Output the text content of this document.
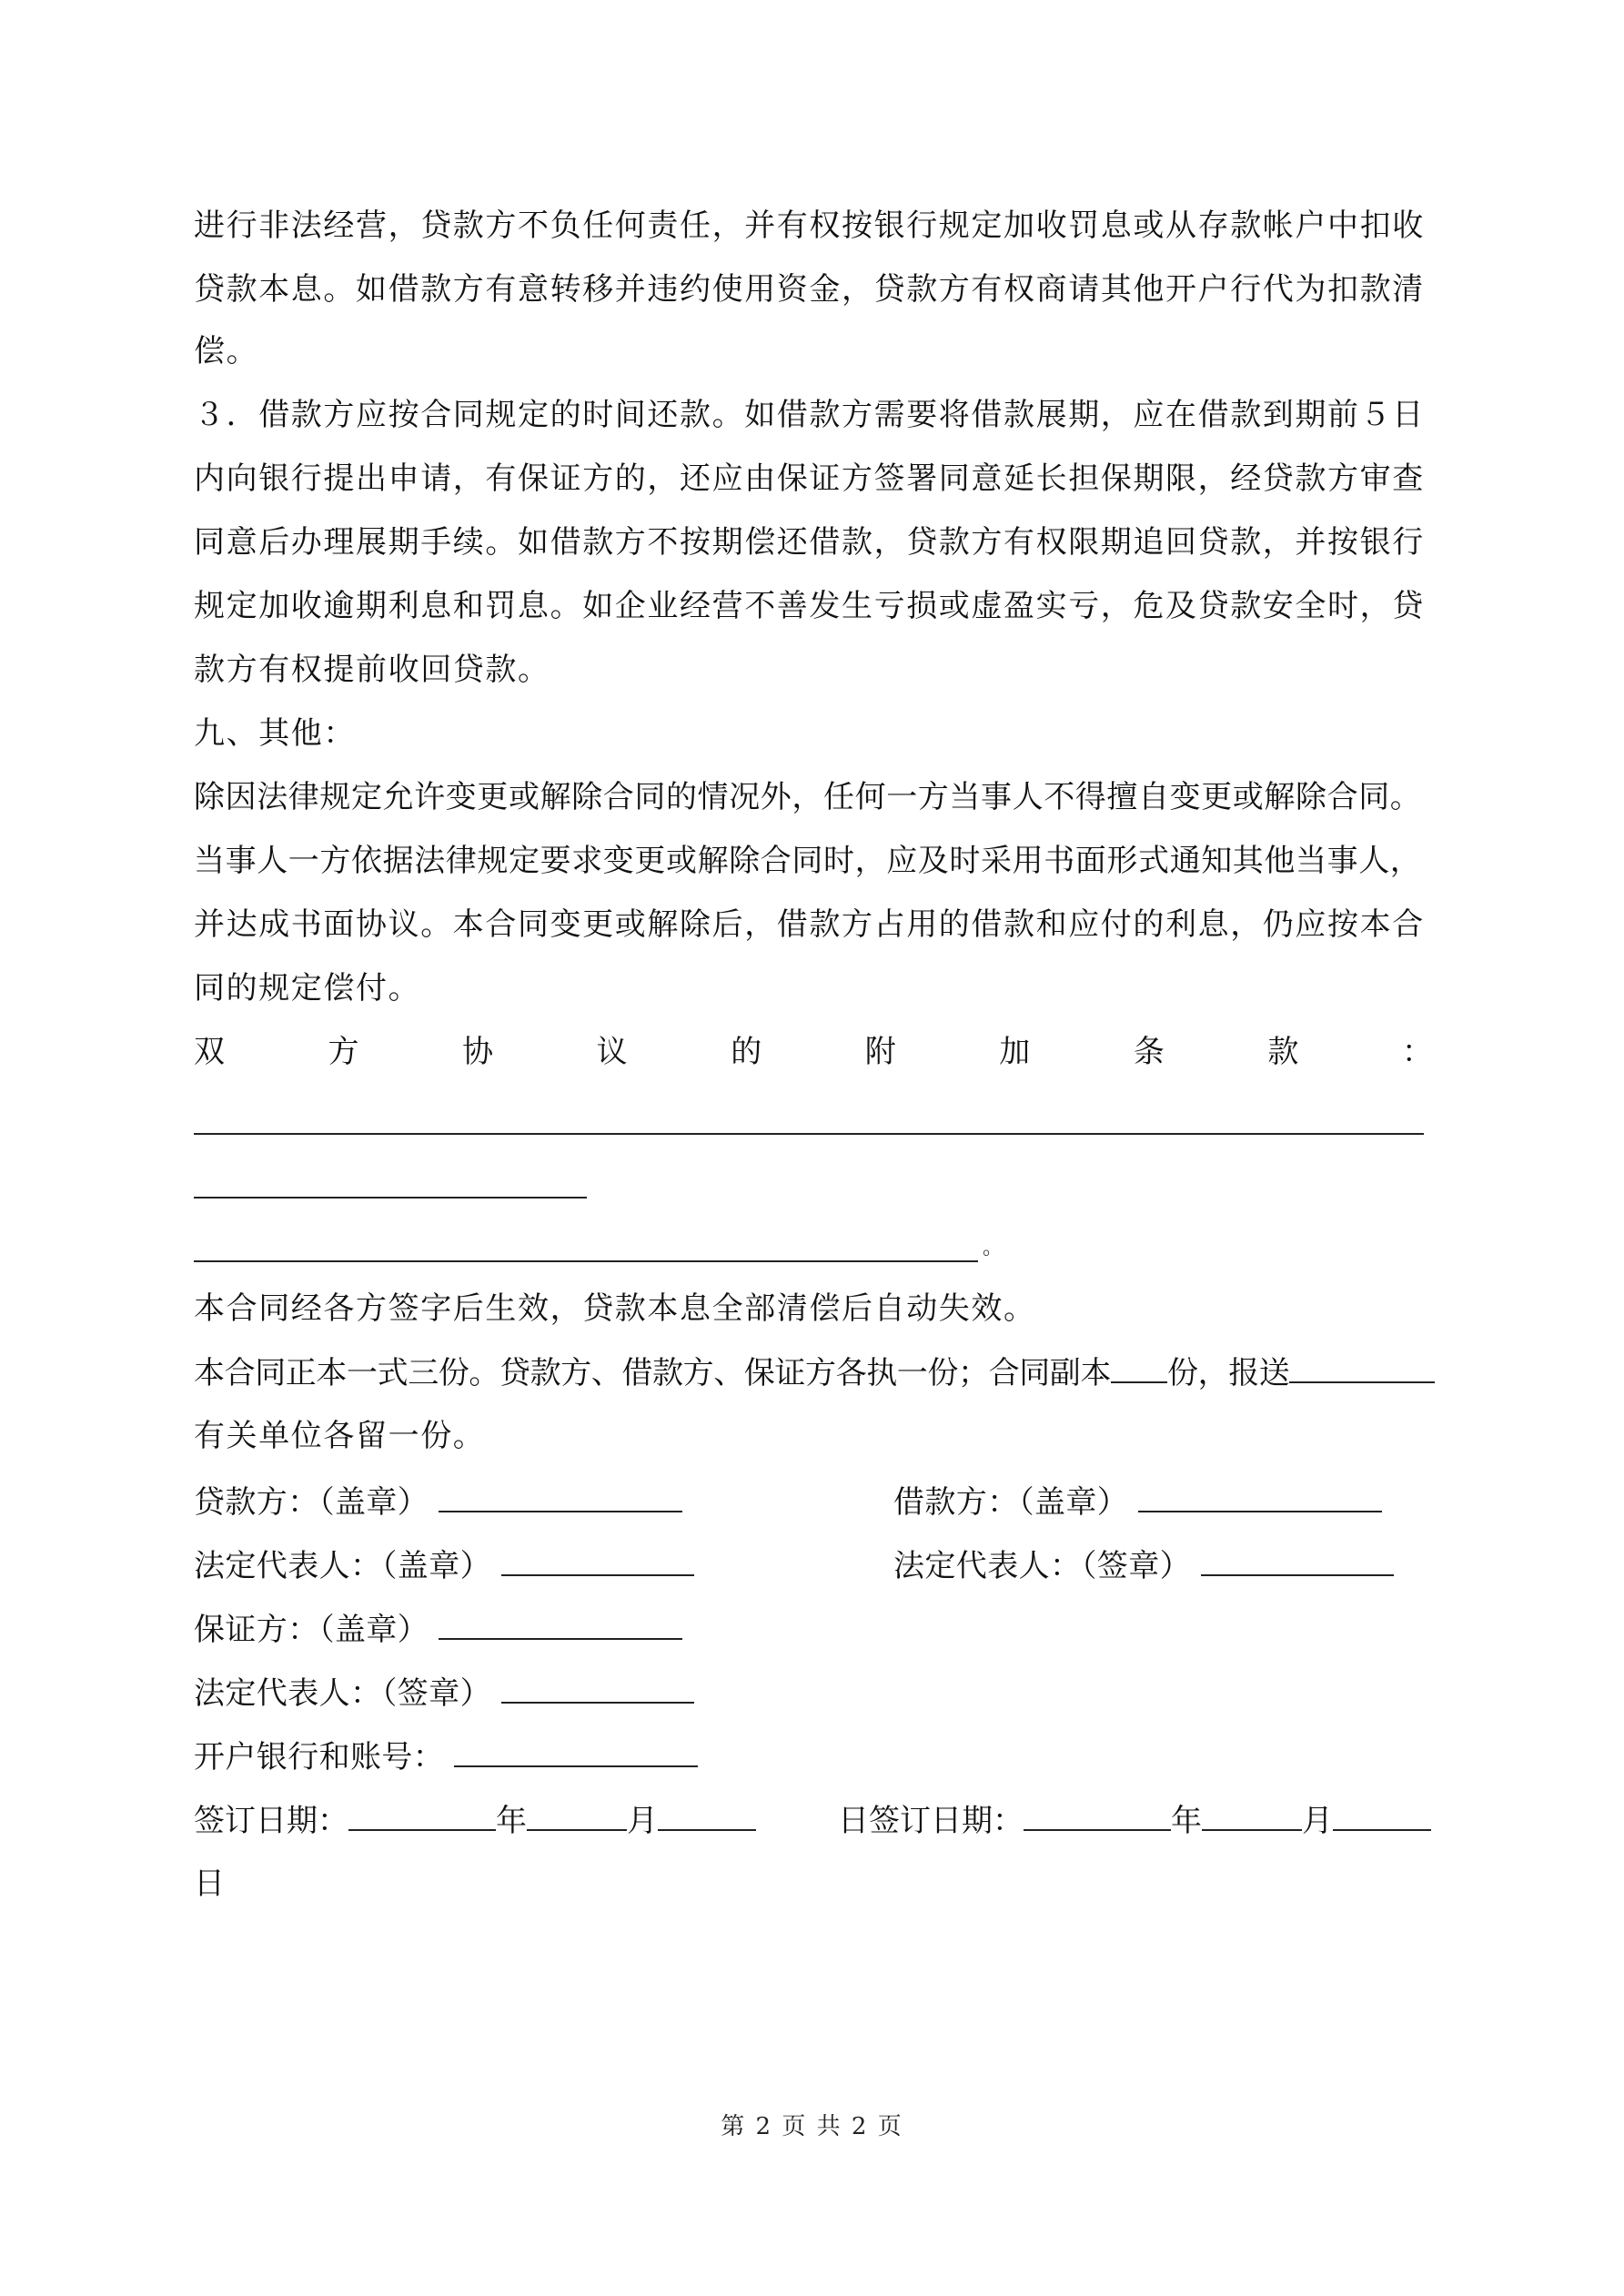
进行非法经营，贷款方不负任何责任，并有权按银行规定加收罚息或从存款帐户中扣收
贷款本息。如借款方有意转移并违约使用资金，贷款方有权商请其他开户行代为扣款清
偿。
３．借款方应按合同规定的时间还款。如借款方需要将借款展期，应在借款到期前５日
内向银行提出申请，有保证方的，还应由保证方签署同意延长担保期限，经贷款方审查
同意后办理展期手续。如借款方不按期偿还借款，贷款方有权限期追回贷款，并按银行
规定加收逾期利息和罚息。如企业经营不善发生亏损或虚盈实亏，危及贷款安全时，贷
款方有权提前收回贷款。
九、其他：
除因法律规定允许变更或解除合同的情况外，任何一方当事人不得擅自变更或解除合同。
当事人一方依据法律规定要求变更或解除合同时，应及时采用书面形式通知其他当事人，
并达成书面协议。本合同变更或解除后，借款方占用的借款和应付的利息，仍应按本合
同的规定偿付。
双	方	协	议	的	附	加	条	款	：
。
本合同经各方签字后生效，贷款本息全部清偿后自动失效。
本合同正本一式三份。贷款方、借款方、保证方各执一份；合同副本 份，报送
有关单位各留一份。
贷款方：（盖章）	借款方：（盖章）
法定代表人：（盖章）	法定代表人：（签章）
保证方：（盖章）
法定代表人：（签章）
开户银行和账号：
签订日期：	年	月	日签订日期：	年	月
日
第 2 页 共 2 页
